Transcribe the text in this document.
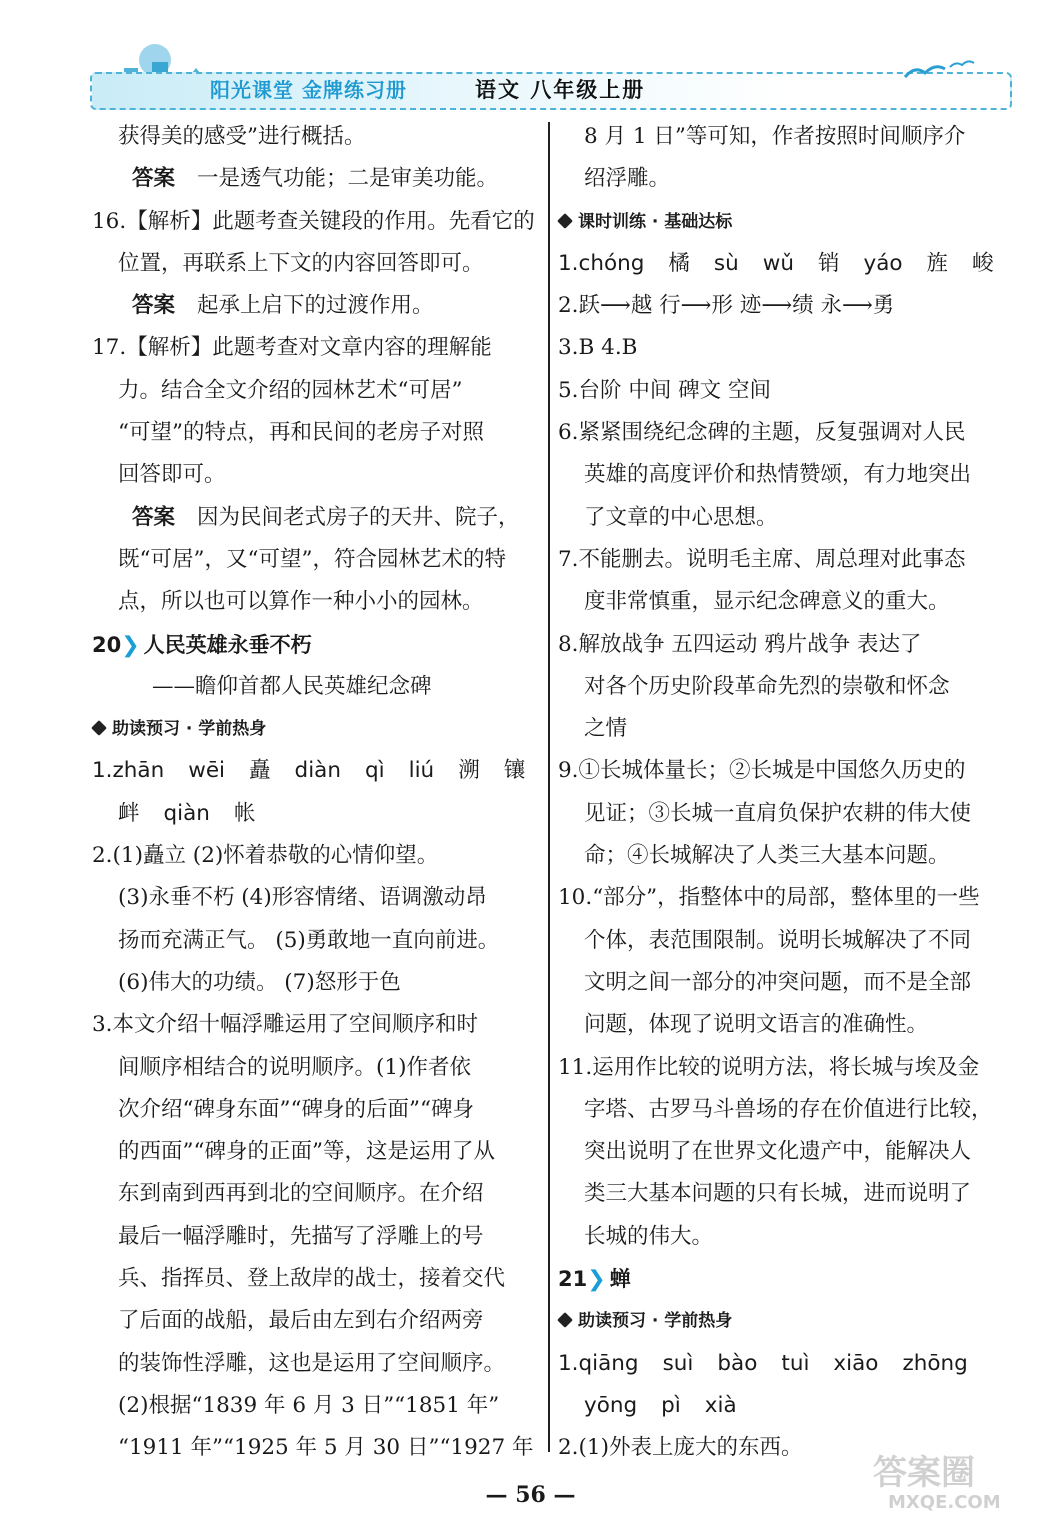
阳光课堂 金牌练习册	语文 八年级上册
获得美的感受”进行概括。
答案 一是透气功能；二是审美功能。
16.【解析】此题考查关键段的作用。先看它的
位置，再联系上下文的内容回答即可。
答案 起承上启下的过渡作用。
17.【解析】此题考查对文章内容的理解能
力。结合全文介绍的园林艺术“可居”
“可望”的特点，再和民间的老房子对照
回答即可。
答案 因为民间老式房子的天井、院子，
既“可居”，又“可望”，符合园林艺术的特
点，所以也可以算作一种小小的园林。
20❯ 人民英雄永垂不朽
——瞻仰首都人民英雄纪念碑
助读预习 · 学前热身
1.zhān wēi 矗 diàn qì liú 溯 镶
衅 qiàn 帐
2.(1)矗立 (2)怀着恭敬的心情仰望。
(3)永垂不朽 (4)形容情绪、语调激动昂
扬而充满正气。 (5)勇敢地一直向前进。
(6)伟大的功绩。 (7)怒形于色
3.本文介绍十幅浮雕运用了空间顺序和时
间顺序相结合的说明顺序。(1)作者依
次介绍“碑身东面”“碑身的后面”“碑身
的西面”“碑身的正面”等，这是运用了从
东到南到西再到北的空间顺序。在介绍
最后一幅浮雕时，先描写了浮雕上的号
兵、指挥员、登上敌岸的战士，接着交代
了后面的战船，最后由左到右介绍两旁
的装饰性浮雕，这也是运用了空间顺序。
(2)根据“1839 年 6 月 3 日”“1851 年”
“1911 年”“1925 年 5 月 30 日”“1927 年
8 月 1 日”等可知，作者按照时间顺序介
绍浮雕。
课时训练 · 基础达标
1.chóng 橘 sù wǔ 销 yáo 旌 峻
2.跃⟶越 行⟶形 迹⟶绩 永⟶勇
3.B 4.B
5.台阶 中间 碑文 空间
6.紧紧围绕纪念碑的主题，反复强调对人民
英雄的高度评价和热情赞颂，有力地突出
了文章的中心思想。
7.不能删去。说明毛主席、周总理对此事态
度非常慎重，显示纪念碑意义的重大。
8.解放战争 五四运动 鸦片战争 表达了
对各个历史阶段革命先烈的崇敬和怀念
之情
9.①长城体量长；②长城是中国悠久历史的
见证；③长城一直肩负保护农耕的伟大使
命；④长城解决了人类三大基本问题。
10.“部分”，指整体中的局部，整体里的一些
个体，表范围限制。说明长城解决了不同
文明之间一部分的冲突问题，而不是全部
问题，体现了说明文语言的准确性。
11.运用作比较的说明方法，将长城与埃及金
字塔、古罗马斗兽场的存在价值进行比较，
突出说明了在世界文化遗产中，能解决人
类三大基本问题的只有长城，进而说明了
长城的伟大。
21❯ 蝉
助读预习 · 学前热身
1.qiāng suì bào tuì xiāo zhōng
yōng pì xià
2.(1)外表上庞大的东西。
— 56 —
答案圈
MXQE.COM
